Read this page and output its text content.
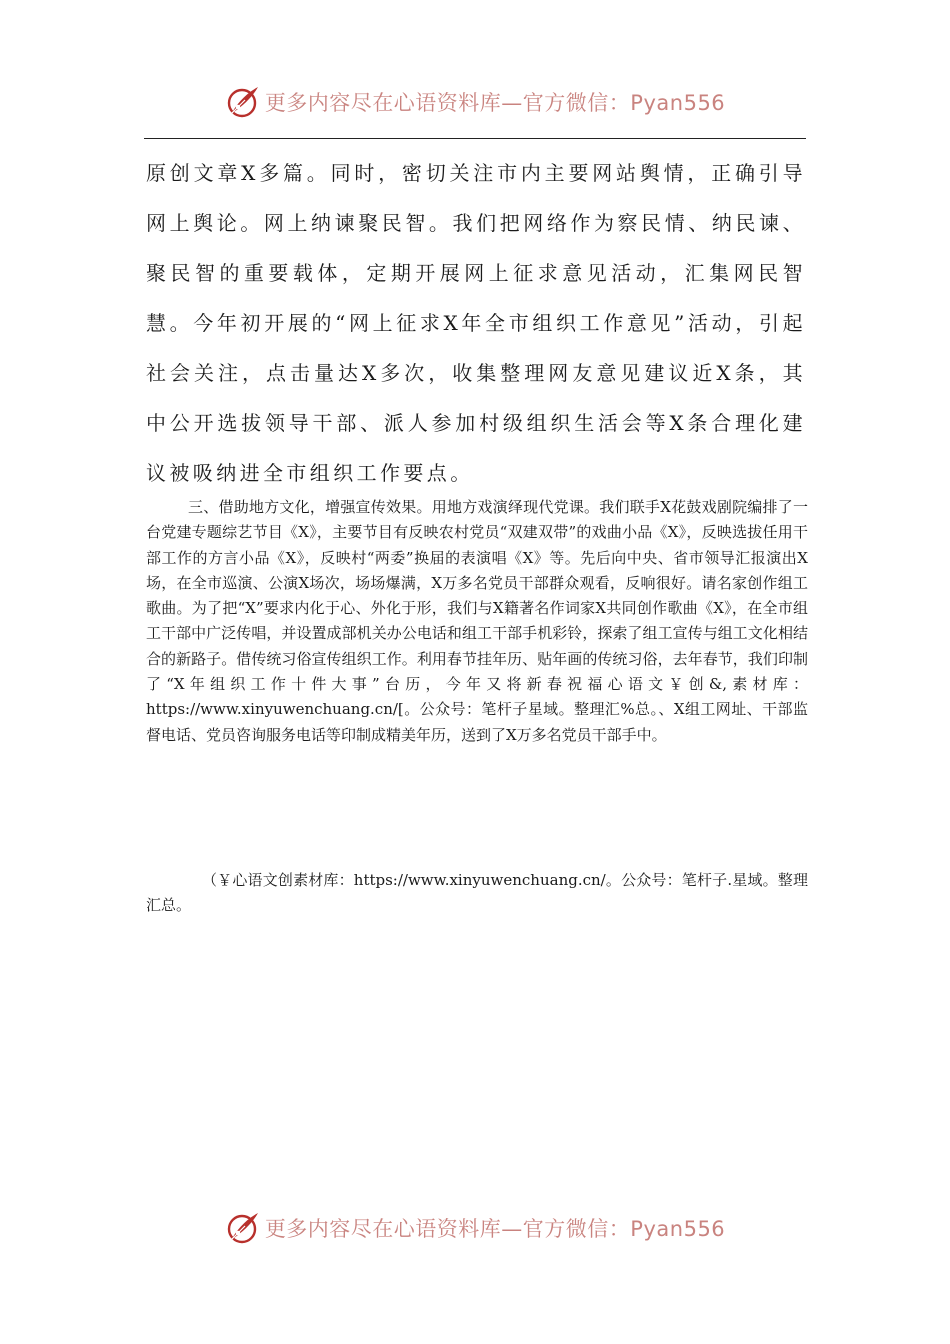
更多内容尽在心语资料库—官方微信：Pyan556

原创文章X多篇。同时，密切关注市内主要网站舆情，正确引导网上舆论。网上纳谏聚民智。我们把网络作为察民情、纳民谏、聚民智的重要载体，定期开展网上征求意见活动，汇集网民智慧。今年初开展的“网上征求X年全市组织工作意见”活动，引起社会关注，点击量达X多次，收集整理网友意见建议近X条，其中公开选拔领导干部、派人参加村级组织生活会等X条合理化建议被吸纳进全市组织工作要点。

三、借助地方文化，增强宣传效果。用地方戏演绎现代党课。我们联手X花鼓戏剧院编排了一台党建专题综艺节目《X》，主要节目有反映农村党员“双建双带”的戏曲小品《X》，反映选拔任用干部工作的方言小品《X》，反映村“两委”换届的表演唱《X》等。先后向中央、省市领导汇报演出X场，在全市巡演、公演X场次，场场爆满，X万多名党员干部群众观看，反响很好。请名家创作组工歌曲。为了把“X”要求内化于心、外化于形，我们与X籍著名作词家X共同创作歌曲《X》，在全市组工干部中广泛传唱，并设置成部机关办公电话和组工干部手机彩铃，探索了组工宣传与组工文化相结合的新路子。借传统习俗宣传组织工作。利用春节挂年历、贴年画的传统习俗，去年春节，我们印制了“X年组织工作十件大事”台历，今年又将新春祝福心语文￥创&,素材库：https://www.xinyuwenchuang.cn/[。公众号：笔杆子星域。整理汇%总。、X组工网址、干部监督电话、党员咨询服务电话等印制成精美年历，送到了X万多名党员干部手中。

（￥心语文创素材库：https://www.xinyuwenchuang.cn/。公众号：笔杆子.星域。整理汇总。

更多内容尽在心语资料库—官方微信：Pyan556
